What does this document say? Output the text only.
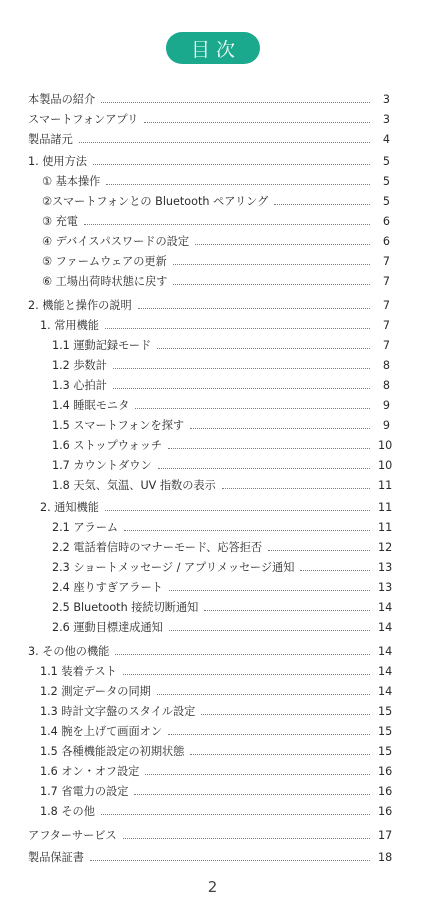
目次
本製品の紹介	3
スマートフォンアプリ	3
製品諸元	4
1. 使用方法	5
① 基本操作	5
②スマートフォンとの Bluetooth ペアリング	5
③ 充電	6
④ デバイスパスワードの設定	6
⑤ ファームウェアの更新	7
⑥ 工場出荷時状態に戻す	7
2. 機能と操作の説明	7
1. 常用機能	7
1.1 運動記録モード	7
1.2 歩数計	8
1.3 心拍計	8
1.4 睡眠モニタ	9
1.5 スマートフォンを探す	9
1.6 ストップウォッチ	10
1.7 カウントダウン	10
1.8 天気、気温、UV 指数の表示	11
2. 通知機能	11
2.1 アラーム	11
2.2 電話着信時のマナーモード、応答拒否	12
2.3 ショートメッセージ / アプリメッセージ通知	13
2.4 座りすぎアラート	13
2.5 Bluetooth 接続切断通知	14
2.6 運動目標達成通知	14
3. その他の機能	14
1.1 装着テスト	14
1.2 測定データの同期	14
1.3 時計文字盤のスタイル設定	15
1.4 腕を上げて画面オン	15
1.5 各種機能設定の初期状態	15
1.6 オン・オフ設定	16
1.7 省電力の設定	16
1.8 その他	16
アフターサービス	17
製品保証書	18
2
